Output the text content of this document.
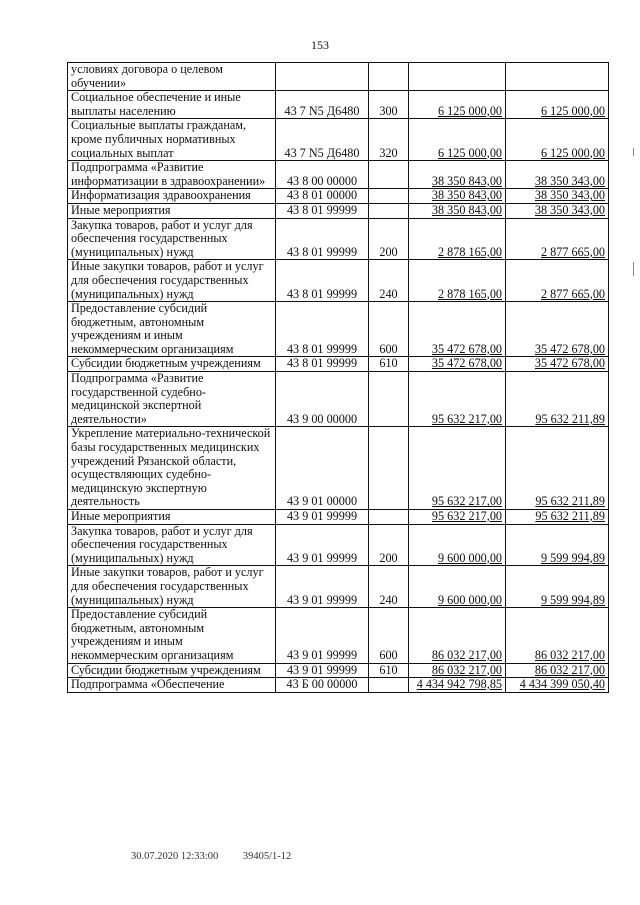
153
условиях договора о целевом обучении»				
Социальное обеспечение и иные выплаты населению	43 7 N5 Д6480	300	6 125 000,00	6 125 000,00
Социальные выплаты гражданам, кроме публичных нормативных социальных выплат	43 7 N5 Д6480	320	6 125 000,00	6 125 000,00
Подпрограмма «Развитие информатизации в здравоохранении»	43 8 00 00000		38 350 843,00	38 350 343,00
Информатизация здравоохранения	43 8 01 00000		38 350 843,00	38 350 343,00
Иные мероприятия	43 8 01 99999		38 350 843,00	38 350 343,00
Закупка товаров, работ и услуг для обеспечения государственных (муниципальных) нужд	43 8 01 99999	200	2 878 165,00	2 877 665,00
Иные закупки товаров, работ и услуг для обеспечения государственных (муниципальных) нужд	43 8 01 99999	240	2 878 165,00	2 877 665,00
Предоставление субсидий бюджетным, автономным учреждениям и иным некоммерческим организациям	43 8 01 99999	600	35 472 678,00	35 472 678,00
Субсидии бюджетным учреждениям	43 8 01 99999	610	35 472 678,00	35 472 678,00
Подпрограмма «Развитие государственной судебно-медицинской экспертной деятельности»	43 9 00 00000		95 632 217,00	95 632 211,89
Укрепление материально-технической базы государственных медицинских учреждений Рязанской области, осуществляющих судебно-медицинскую экспертную деятельность	43 9 01 00000		95 632 217,00	95 632 211,89
Иные мероприятия	43 9 01 99999		95 632 217,00	95 632 211,89
Закупка товаров, работ и услуг для обеспечения государственных (муниципальных) нужд	43 9 01 99999	200	9 600 000,00	9 599 994,89
Иные закупки товаров, работ и услуг для обеспечения государственных (муниципальных) нужд	43 9 01 99999	240	9 600 000,00	9 599 994,89
Предоставление субсидий бюджетным, автономным учреждениям и иным некоммерческим организациям	43 9 01 99999	600	86 032 217,00	86 032 217,00
Субсидии бюджетным учреждениям	43 9 01 99999	610	86 032 217,00	86 032 217,00
Подпрограмма «Обеспечение	43 Б 00 00000		4 434 942 798,85	4 434 399 050,40
30.07.2020 12:33:00 39405/1-12
